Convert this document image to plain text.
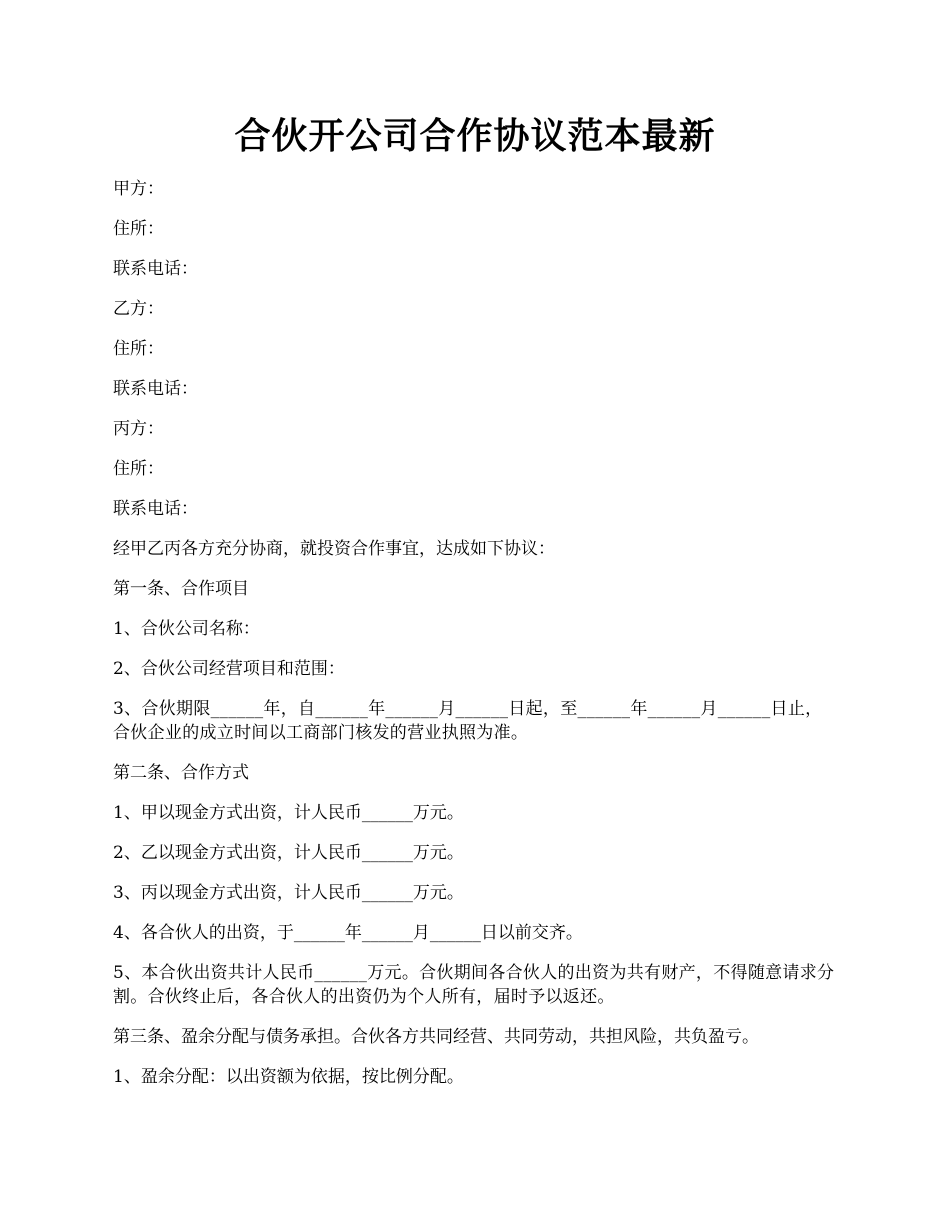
合伙开公司合作协议范本最新

甲方：

住所：

联系电话：

乙方：

住所：

联系电话：

丙方：

住所：

联系电话：

经甲乙丙各方充分协商，就投资合作事宜，达成如下协议：

第一条、合作项目

1、合伙公司名称：

2、合伙公司经营项目和范围：

3、合伙期限______年，自______年______月______日起，至______年______月______日止，合伙企业的成立时间以工商部门核发的营业执照为准。

第二条、合作方式

1、甲以现金方式出资，计人民币______万元。

2、乙以现金方式出资，计人民币______万元。

3、丙以现金方式出资，计人民币______万元。

4、各合伙人的出资，于______年______月______日以前交齐。

5、本合伙出资共计人民币______万元。合伙期间各合伙人的出资为共有财产，不得随意请求分割。合伙终止后，各合伙人的出资仍为个人所有，届时予以返还。

第三条、盈余分配与债务承担。合伙各方共同经营、共同劳动，共担风险，共负盈亏。

1、盈余分配：以出资额为依据，按比例分配。
